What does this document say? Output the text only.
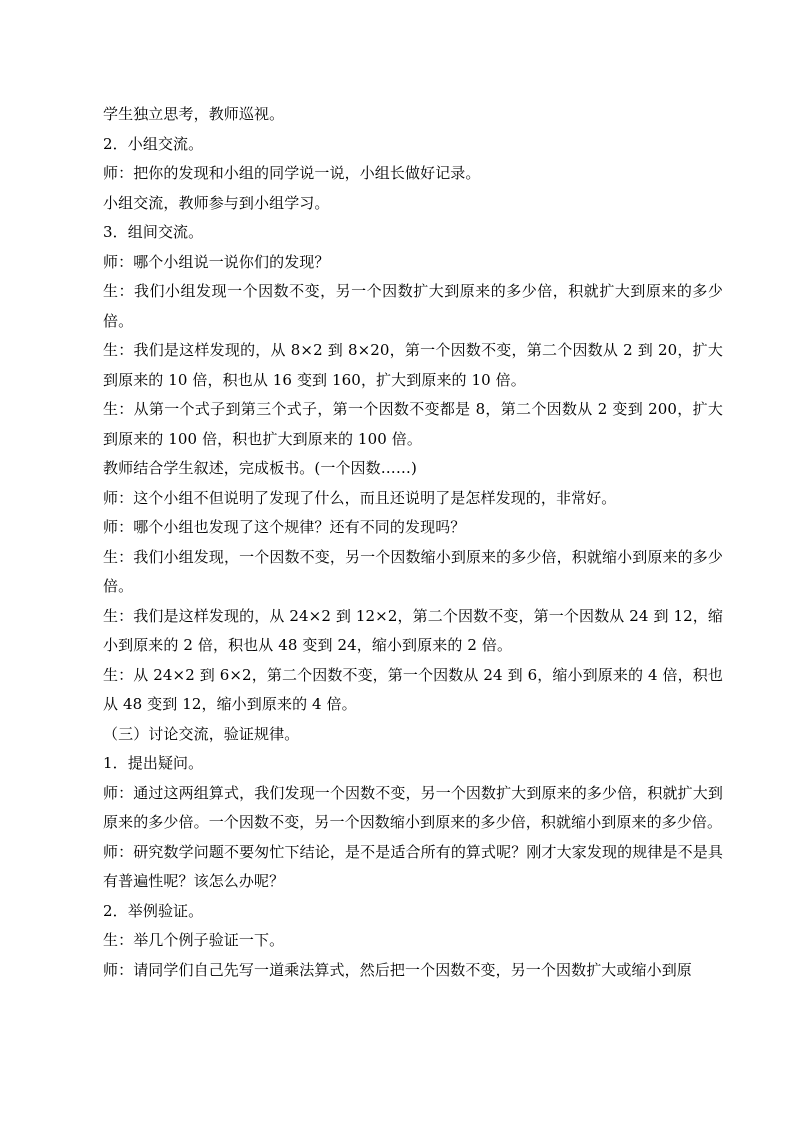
学生独立思考，教师巡视。

2．小组交流。

师：把你的发现和小组的同学说一说，小组长做好记录。

小组交流，教师参与到小组学习。

3．组间交流。

师：哪个小组说一说你们的发现？

生：我们小组发现一个因数不变，另一个因数扩大到原来的多少倍，积就扩大到原来的多少倍。

生：我们是这样发现的，从 8×2 到 8×20，第一个因数不变，第二个因数从 2 到 20，扩大到原来的 10 倍，积也从 16 变到 160，扩大到原来的 10 倍。

生：从第一个式子到第三个式子，第一个因数不变都是 8，第二个因数从 2 变到 200，扩大到原来的 100 倍，积也扩大到原来的 100 倍。

教师结合学生叙述，完成板书。(一个因数……)

师：这个小组不但说明了发现了什么，而且还说明了是怎样发现的，非常好。

师：哪个小组也发现了这个规律？还有不同的发现吗？

生：我们小组发现，一个因数不变，另一个因数缩小到原来的多少倍，积就缩小到原来的多少倍。

生：我们是这样发现的，从 24×2 到 12×2，第二个因数不变，第一个因数从 24 到 12，缩小到原来的 2 倍，积也从 48 变到 24，缩小到原来的 2 倍。

生：从 24×2 到 6×2，第二个因数不变，第一个因数从 24 到 6，缩小到原来的 4 倍，积也从 48 变到 12，缩小到原来的 4 倍。

（三）讨论交流，验证规律。

1．提出疑问。

师：通过这两组算式，我们发现一个因数不变，另一个因数扩大到原来的多少倍，积就扩大到原来的多少倍。一个因数不变，另一个因数缩小到原来的多少倍，积就缩小到原来的多少倍。

师：研究数学问题不要匆忙下结论，是不是适合所有的算式呢？刚才大家发现的规律是不是具有普遍性呢？该怎么办呢？

2．举例验证。

生：举几个例子验证一下。

师：请同学们自己先写一道乘法算式，然后把一个因数不变，另一个因数扩大或缩小到原
